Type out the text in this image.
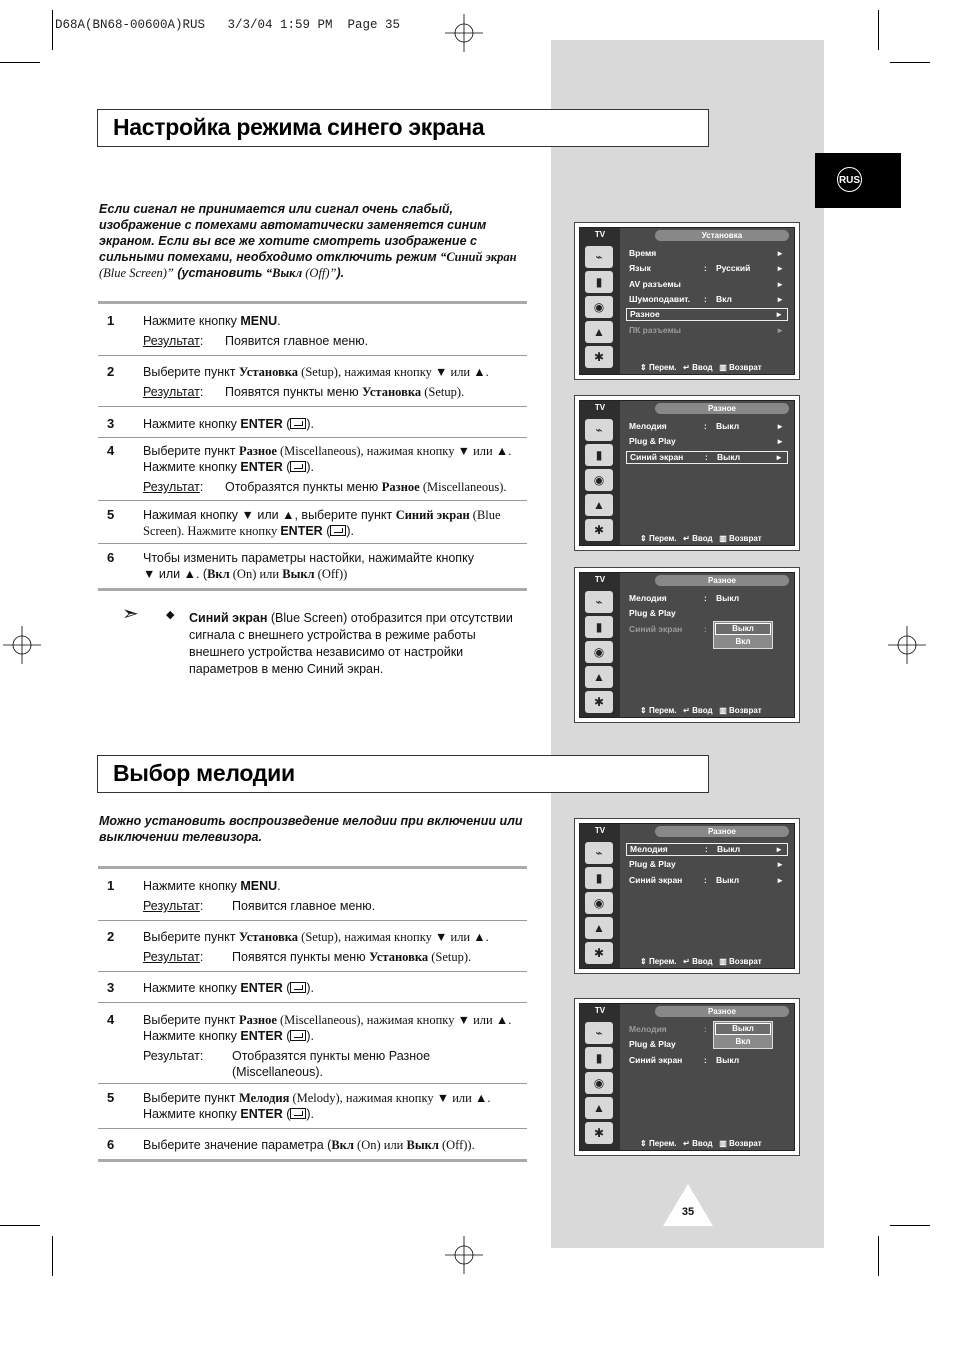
D68A(BN68-00600A)RUS   3/3/04 1:59 PM  Page 35
RUS
Настройка режима синего экрана
Если сигнал не принимается или сигнал очень слабый, изображение с помехами автоматически заменяется синим экраном. Если вы все же хотите смотреть изображение с сильными помехами, необходимо отключить режим “Синий экран (Blue Screen)” (установить “Выкл (Off)”).
1 Нажмите кнопку MENU.
Результат: Появится главное меню.
2 Выберите пункт Установка (Setup), нажимая кнопку ▼ или ▲.
Результат: Появятся пункты меню Установка (Setup).
3 Нажмите кнопку ENTER ( ).
4 Выберите пункт Разное (Miscellaneous), нажимая кнопку ▼ или ▲.
Нажмите кнопку ENTER ( ).
Результат: Отобразятся пункты меню Разное (Miscellaneous).
5 Нажимая кнопку ▼ или ▲, выберите пункт Синий экран (Blue
Screen). Нажмите кнопку ENTER ( ).
6 Чтобы изменить параметры настойки, нажимайте кнопку
▼ или ▲. (Вкл (On) или Выкл (Off))
➣ ◆ Синий экран (Blue Screen) отобразится при отсутствии сигнала с внешнего устройства в режиме работы внешнего устройства независимо от настройки параметров в меню Синий экран.
Выбор мелодии
Можно установить воспроизведение мелодии при включении или выключении телевизора.
1 Нажмите кнопку MENU.
Результат: Появится главное меню.
2 Выберите пункт Установка (Setup), нажимая кнопку ▼ или ▲.
Результат: Появятся пункты меню Установка (Setup).
3 Нажмите кнопку ENTER ( ).
4 Выберите пункт Разное (Miscellaneous), нажимая кнопку ▼ или ▲.
Нажмите кнопку ENTER ( ).
Результат: Отобразятся пункты меню Разное (Miscellaneous).
5 Выберите пункт Мелодия (Melody), нажимая кнопку ▼ или ▲.
Нажмите кнопку ENTER ( ).
6 Выберите значение параметра (Вкл (On) или Выкл (Off)).
TV
⌁
▮
◉
▲
✱
Установка
Время	►
Язык	: Русский	►
AV разъемы	►
Шумоподавит. : Вкл	►
Разное	►
ПК разъемы	►
⇕ Перем.   ↵ Ввод   ▥ Возврат
TV
⌁
▮
◉
▲
✱
Разное
Мелодия	: Выкл	►
Plug & Play	►
Синий экран	: Выкл	►
⇕ Перем.   ↵ Ввод   ▥ Возврат
TV
⌁
▮
◉
▲
✱
Разное
Мелодия	: Выкл
Plug & Play
Синий экран	:	Выкл
Вкл
⇕ Перем.   ↵ Ввод   ▥ Возврат
TV
⌁
▮
◉
▲
✱
Разное
Мелодия	: Выкл	►
Plug & Play	►
Синий экран	: Выкл	►
⇕ Перем.   ↵ Ввод   ▥ Возврат
TV
⌁
▮
◉
▲
✱
Разное
Мелодия	:
Plug & Play
Синий экран	: Выкл
Выкл
Вкл
⇕ Перем.   ↵ Ввод   ▥ Возврат
35
